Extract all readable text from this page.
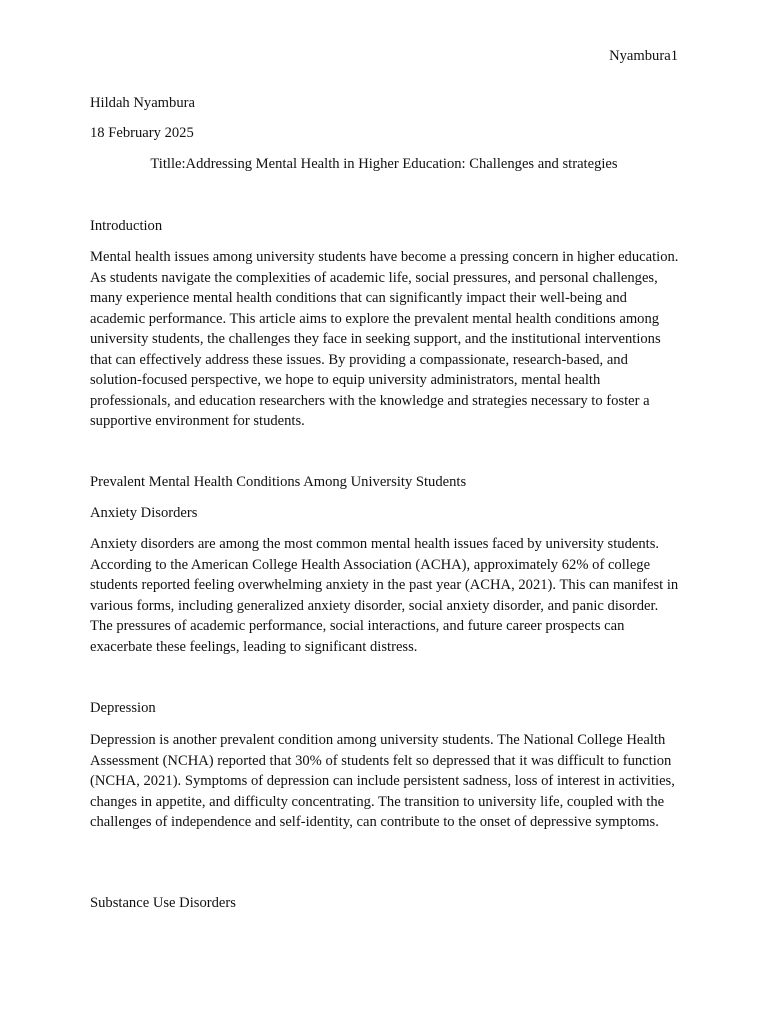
Nyambura1
Hildah Nyambura
18 February 2025
Titlle:Addressing Mental Health in Higher Education: Challenges and strategies
Introduction
Mental health issues among university students have become a pressing concern in higher education. As students navigate the complexities of academic life, social pressures, and personal challenges, many experience mental health conditions that can significantly impact their well-being and academic performance. This article aims to explore the prevalent mental health conditions among university students, the challenges they face in seeking support, and the institutional interventions that can effectively address these issues. By providing a compassionate, research-based, and solution-focused perspective, we hope to equip university administrators, mental health professionals, and education researchers with the knowledge and strategies necessary to foster a supportive environment for students.
Prevalent Mental Health Conditions Among University Students
Anxiety Disorders
Anxiety disorders are among the most common mental health issues faced by university students. According to the American College Health Association (ACHA), approximately 62% of college students reported feeling overwhelming anxiety in the past year (ACHA, 2021). This can manifest in various forms, including generalized anxiety disorder, social anxiety disorder, and panic disorder. The pressures of academic performance, social interactions, and future career prospects can exacerbate these feelings, leading to significant distress.
Depression
Depression is another prevalent condition among university students. The National College Health Assessment (NCHA) reported that 30% of students felt so depressed that it was difficult to function (NCHA, 2021). Symptoms of depression can include persistent sadness, loss of interest in activities, changes in appetite, and difficulty concentrating. The transition to university life, coupled with the challenges of independence and self-identity, can contribute to the onset of depressive symptoms.
Substance Use Disorders
